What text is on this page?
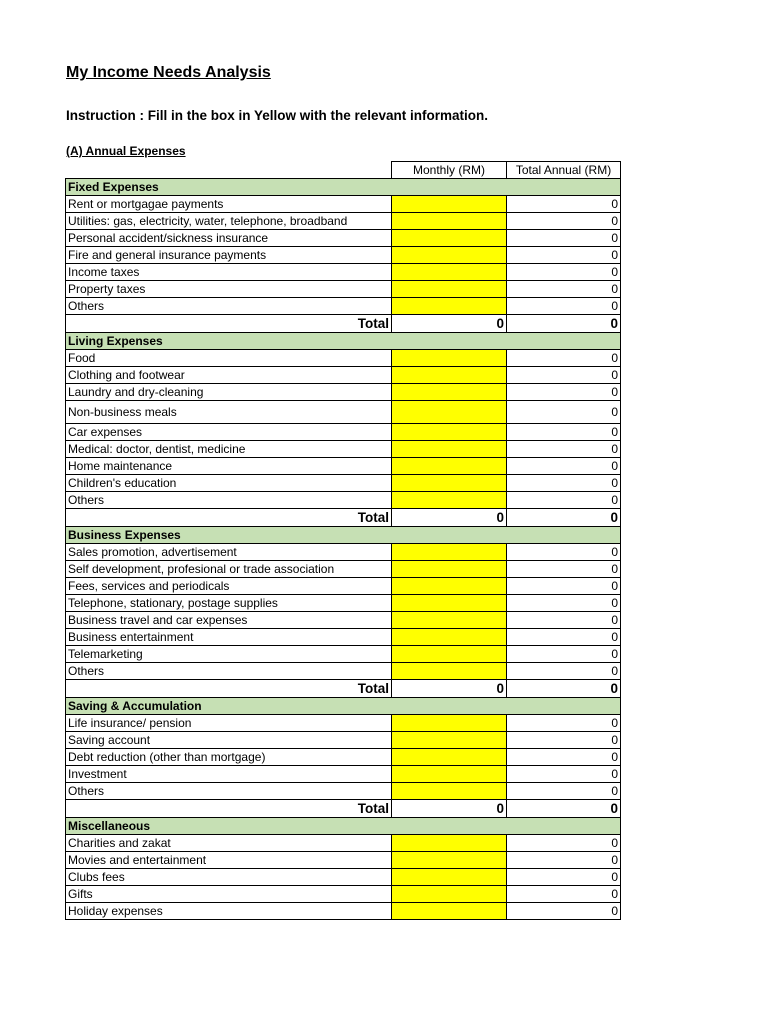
My Income Needs Analysis
Instruction : Fill in the box in Yellow with the relevant information.
(A) Annual Expenses
	Monthly (RM)	Total Annual (RM)
Fixed Expenses		
Rent or mortgagae payments		0
Utilities: gas, electricity, water, telephone, broadband		0
Personal accident/sickness insurance		0
Fire and general insurance payments		0
Income taxes		0
Property taxes		0
Others		0
Total	0	0
Living Expenses		
Food		0
Clothing and footwear		0
Laundry and dry-cleaning		0
Non-business meals		0
Car expenses		0
Medical: doctor, dentist, medicine		0
Home maintenance		0
Children's education		0
Others		0
Total	0	0
Business Expenses		
Sales promotion, advertisement		0
Self development, profesional or trade association		0
Fees, services and periodicals		0
Telephone, stationary, postage supplies		0
Business travel and car expenses		0
Business entertainment		0
Telemarketing		0
Others		0
Total	0	0
Saving & Accumulation		
Life insurance/ pension		0
Saving account		0
Debt reduction (other than mortgage)		0
Investment		0
Others		0
Total	0	0
Miscellaneous		
Charities and zakat		0
Movies and entertainment		0
Clubs fees		0
Gifts		0
Holiday expenses		0
